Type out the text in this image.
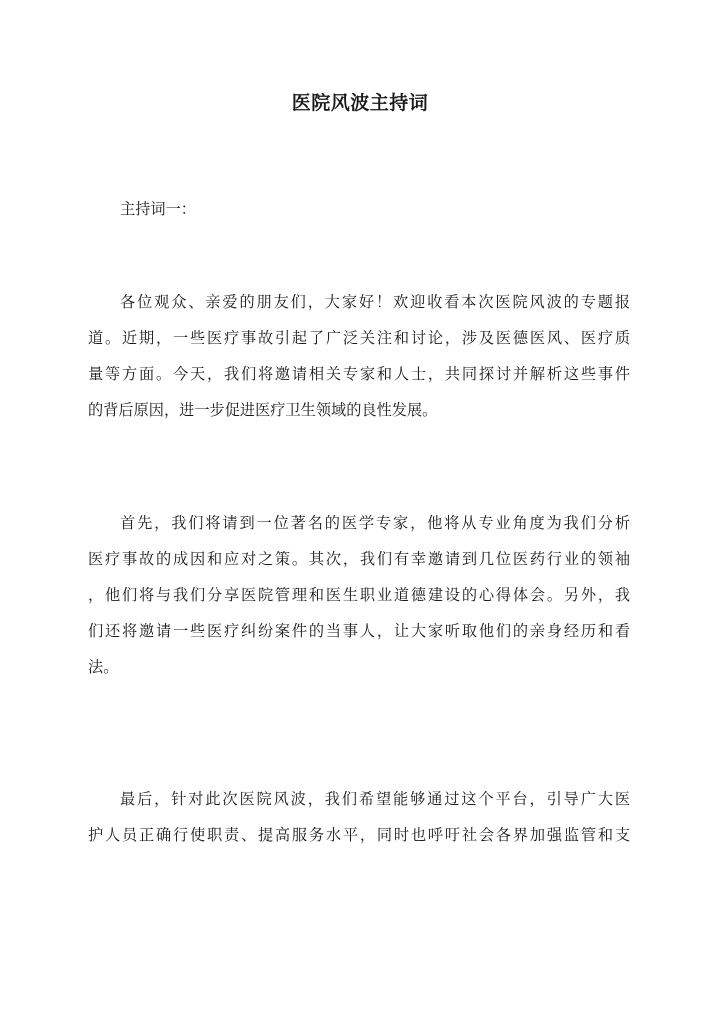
医院风波主持词
主持词一：
各位观众、亲爱的朋友们，大家好！欢迎收看本次医院风波的专题报
道。近期，一些医疗事故引起了广泛关注和讨论，涉及医德医风、医疗质
量等方面。今天，我们将邀请相关专家和人士，共同探讨并解析这些事件
的背后原因，进一步促进医疗卫生领域的良性发展。
首先，我们将请到一位著名的医学专家，他将从专业角度为我们分析
医疗事故的成因和应对之策。其次，我们有幸邀请到几位医药行业的领袖
，他们将与我们分享医院管理和医生职业道德建设的心得体会。另外，我
们还将邀请一些医疗纠纷案件的当事人，让大家听取他们的亲身经历和看
法。
最后，针对此次医院风波，我们希望能够通过这个平台，引导广大医
护人员正确行使职责、提高服务水平，同时也呼吁社会各界加强监管和支
